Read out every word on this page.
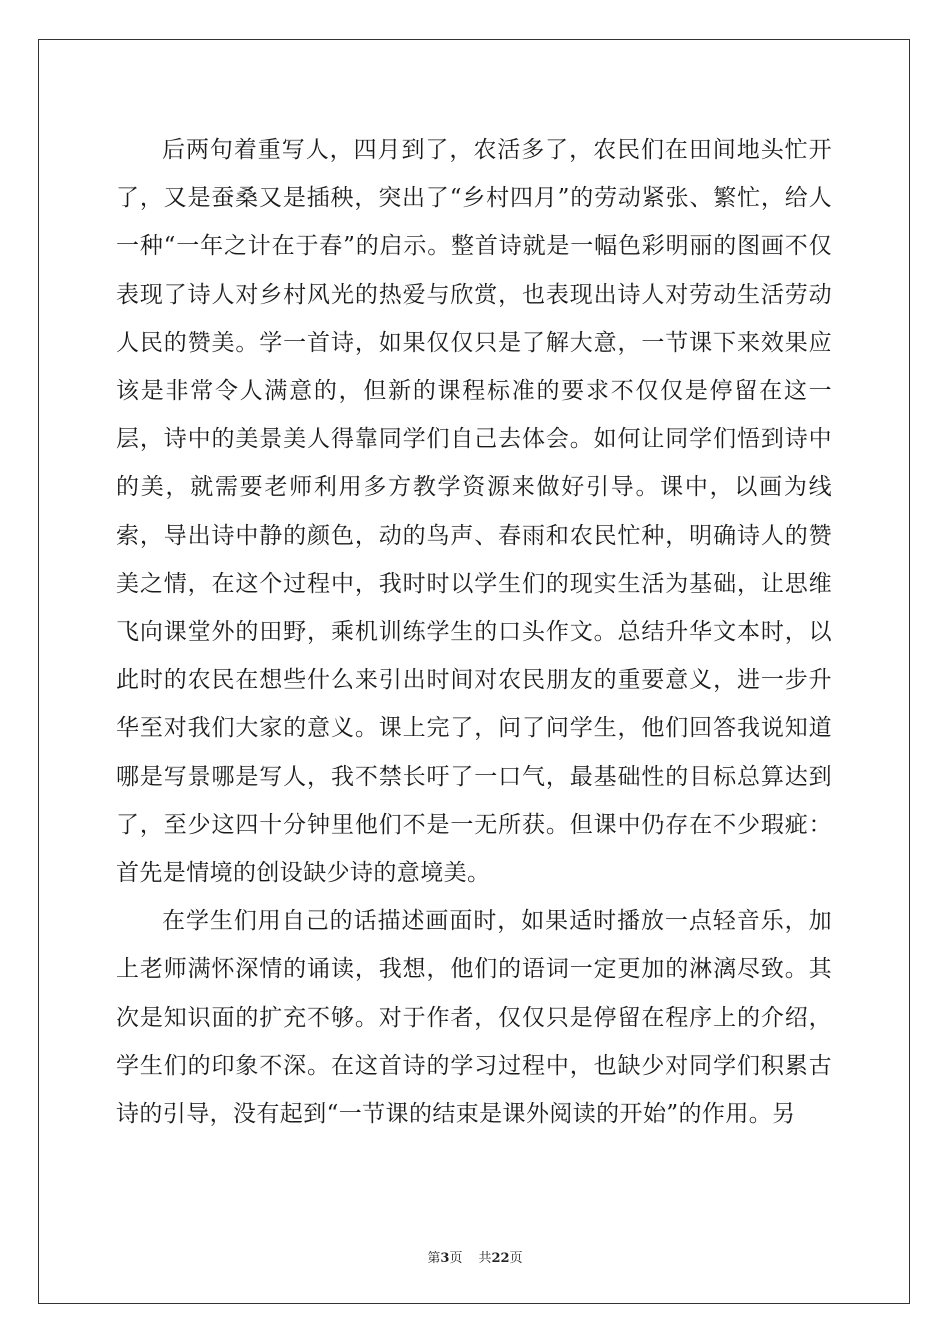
后两句着重写人，四月到了，农活多了，农民们在田间地头忙开了，又是蚕桑又是插秧，突出了“乡村四月”的劳动紧张、繁忙，给人一种“一年之计在于春”的启示。整首诗就是一幅色彩明丽的图画不仅表现了诗人对乡村风光的热爱与欣赏，也表现出诗人对劳动生活劳动人民的赞美。学一首诗，如果仅仅只是了解大意，一节课下来效果应该是非常令人满意的，但新的课程标准的要求不仅仅是停留在这一层，诗中的美景美人得靠同学们自己去体会。如何让同学们悟到诗中的美，就需要老师利用多方教学资源来做好引导。课中，以画为线索，导出诗中静的颜色，动的鸟声、春雨和农民忙种，明确诗人的赞美之情，在这个过程中，我时时以学生们的现实生活为基础，让思维飞向课堂外的田野，乘机训练学生的口头作文。总结升华文本时，以此时的农民在想些什么来引出时间对农民朋友的重要意义，进一步升华至对我们大家的意义。课上完了，问了问学生，他们回答我说知道哪是写景哪是写人，我不禁长吁了一口气，最基础性的目标总算达到了，至少这四十分钟里他们不是一无所获。但课中仍存在不少瑕疵：首先是情境的创设缺少诗的意境美。

在学生们用自己的话描述画面时，如果适时播放一点轻音乐，加上老师满怀深情的诵读，我想，他们的语词一定更加的淋漓尽致。其次是知识面的扩充不够。对于作者，仅仅只是停留在程序上的介绍，学生们的印象不深。在这首诗的学习过程中，也缺少对同学们积累古诗的引导，没有起到“一节课的结束是课外阅读的开始”的作用。另

第3页 共22页
